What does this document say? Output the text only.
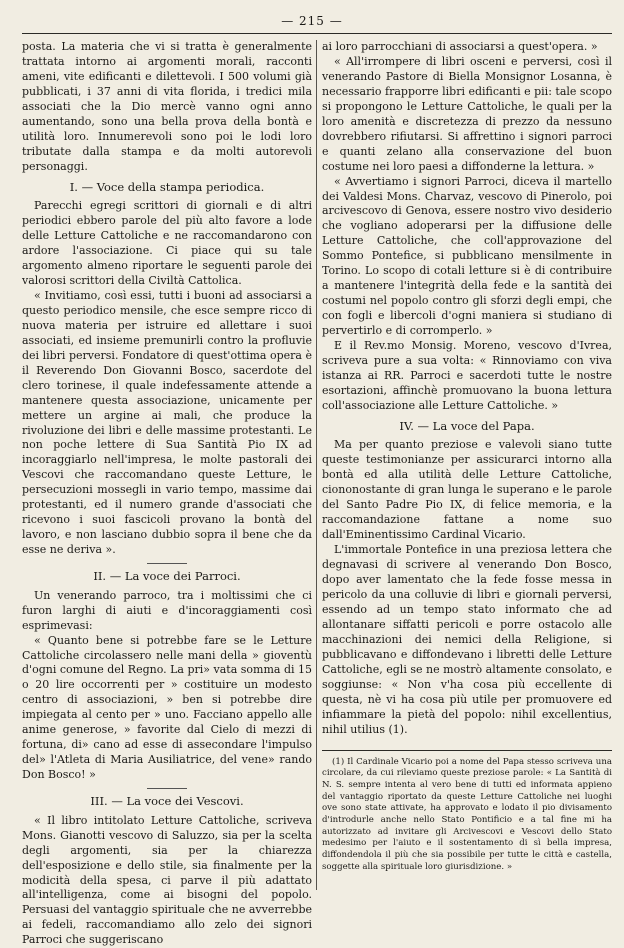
— 215 —

posta. La materia che vi si tratta è generalmente trattata intorno ai argomenti morali, racconti ameni, vite edificanti e dilettevoli. I 500 volumi già pubblicati, i 37 anni di vita florida, i tredici mila associati che la Dio mercè vanno ogni anno aumentando, sono una bella prova della bontà e utilità loro. Innumerevoli sono poi le lodi loro tributate dalla stampa e da molti autorevoli personaggi.

I. — Voce della stampa periodica.

Parecchi egregi scrittori di giornali e di altri periodici ebbero parole del più alto favore a lode delle Letture Cattoliche e ne raccomandarono con ardore l'associazione. Ci piace qui su tale argomento almeno riportare le seguenti parole dei valorosi scrittori della Civiltà Cattolica.

« Invitiamo, così essi, tutti i buoni ad associarsi a questo periodico mensile, che esce sempre ricco di nuova materia per istruire ed allettare i suoi associati, ed insieme premunirli contro la profluvie dei libri perversi. Fondatore di quest'ottima opera è il Reverendo Don Giovanni Bosco, sacerdote del clero torinese, il quale indefessamente attende a mantenere questa associazione, unicamente per mettere un argine ai mali, che produce la rivoluzione dei libri e delle massime protestanti. Le non poche lettere di Sua Santità Pio IX ad incoraggiarlo nell'impresa, le molte pastorali dei Vescovi che raccomandano queste Letture, le persecuzioni mossegli in vario tempo, massime dai protestanti, ed il numero grande d'associati che ricevono i suoi fascicoli provano la bontà del lavoro, e non lasciano dubbio sopra il bene che da esse ne deriva ».

II. — La voce dei Parroci.

Un venerando parroco, tra i moltissimi che ci furon larghi di aiuti e d'incoraggiamenti così esprimevasi:

« Quanto bene si potrebbe fare se le Letture Cattoliche circolassero nelle mani della » gioventù d'ogni comune del Regno. La pri» vata somma di 15 o 20 lire occorrenti per » costituire un modesto centro di associazioni, » ben si potrebbe dire impiegata al cento per » uno. Facciano appello alle anime generose, » favorite dal Cielo di mezzi di fortuna, di» cano ad esse di assecondare l'impulso del» l'Atleta di Maria Ausiliatrice, del vene» rando Don Bosco! »

III. — La voce dei Vescovi.

« Il libro intitolato Letture Cattoliche, scriveva Mons. Gianotti vescovo di Saluzzo, sia per la scelta degli argomenti, sia per la chiarezza dell'esposizione e dello stile, sia finalmente per la modicità della spesa, ci parve il più adattato all'intelligenza, come ai bisogni del popolo. Persuasi del vantaggio spirituale che ne avverrebbe ai fedeli, raccomandiamo allo zelo dei signori Parroci che suggeriscano

ai loro parrocchiani di associarsi a quest'opera. »

« All'irrompere di libri osceni e perversi, così il venerando Pastore di Biella Monsignor Losanna, è necessario frapporre libri edificanti e pii: tale scopo si propongono le Letture Cattoliche, le quali per la loro amenità e discretezza di prezzo da nessuno dovrebbero rifiutarsi. Si affrettino i signori parroci e quanti zelano alla conservazione del buon costume nei loro paesi a diffonderne la lettura. »

« Avvertiamo i signori Parroci, diceva il martello dei Valdesi Mons. Charvaz, vescovo di Pinerolo, poi arcivescovo di Genova, essere nostro vivo desiderio che vogliano adoperarsi per la diffusione delle Letture Cattoliche, che coll'approvazione del Sommo Pontefice, si pubblicano mensilmente in Torino. Lo scopo di cotali letture si è di contribuire a mantenere l'integrità della fede e la santità dei costumi nel popolo contro gli sforzi degli empi, che con fogli e libercoli d'ogni maniera si studiano di pervertirlo e di corromperlo. »

E il Rev.mo Monsig. Moreno, vescovo d'Ivrea, scriveva pure a sua volta: « Rinnoviamo con viva istanza ai RR. Parroci e sacerdoti tutte le nostre esortazioni, affinchè promuovano la buona lettura coll'associazione alle Letture Cattoliche. »

IV. — La voce del Papa.

Ma per quanto preziose e valevoli siano tutte queste testimonianze per assicurarci intorno alla bontà ed alla utilità delle Letture Cattoliche, ciononostante di gran lunga le superano e le parole del Santo Padre Pio IX, di felice memoria, e la raccomandazione fattane a nome suo dall'Eminentissimo Cardinal Vicario.

L'immortale Pontefice in una preziosa lettera che degnavasi di scrivere al venerando Don Bosco, dopo aver lamentato che la fede fosse messa in pericolo da una colluvie di libri e giornali perversi, essendo ad un tempo stato informato che ad allontanare siffatti pericoli e porre ostacolo alle macchinazioni dei nemici della Religione, si pubblicavano e diffondevano i libretti delle Letture Cattoliche, egli se ne mostrò altamente consolato, e soggiunse: « Non v'ha cosa più eccellente di questa, nè vi ha cosa più utile per promuovere ed infiammare la pietà del popolo: nihil excellentius, nihil utilius (1).

(1) Il Cardinale Vicario poi a nome del Papa stesso scriveva una circolare, da cui rileviamo queste preziose parole: « La Santità di N. S. sempre intenta al vero bene di tutti ed informata appieno del vantaggio riportato da queste Letture Cattoliche nei luoghi ove sono state attivate, ha approvato e lodato il pio divisamento d'introdurle anche nello Stato Pontificio e a tal fine mi ha autorizzato ad invitare gli Arcivescovi e Vescovi dello Stato medesimo per l'aiuto e il sostentamento di sì bella impresa, diffondendola il più che sia possibile per tutte le città e castella, soggette alla spirituale loro giurisdizione. »
